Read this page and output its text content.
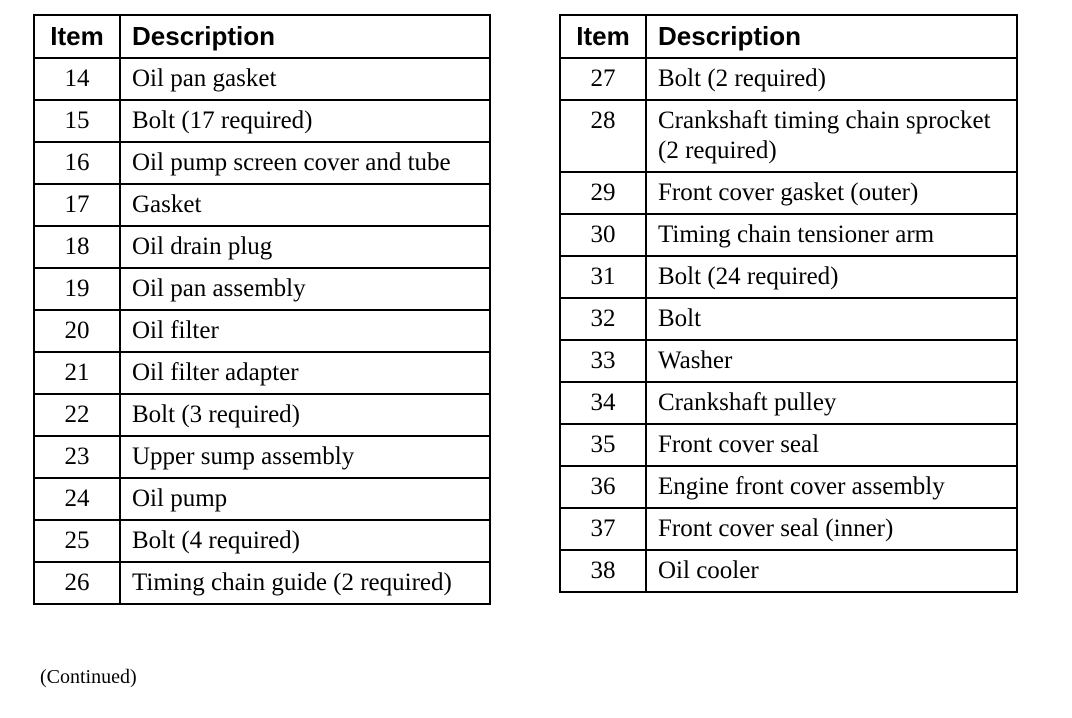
Item	Description
14	Oil pan gasket
15	Bolt (17 required)
16	Oil pump screen cover and tube
17	Gasket
18	Oil drain plug
19	Oil pan assembly
20	Oil filter
21	Oil filter adapter
22	Bolt (3 required)
23	Upper sump assembly
24	Oil pump
25	Bolt (4 required)
26	Timing chain guide (2 required)
Item	Description
27	Bolt (2 required)
28	Crankshaft timing chain sprocket (2 required)
29	Front cover gasket (outer)
30	Timing chain tensioner arm
31	Bolt (24 required)
32	Bolt
33	Washer
34	Crankshaft pulley
35	Front cover seal
36	Engine front cover assembly
37	Front cover seal (inner)
38	Oil cooler
(Continued)
